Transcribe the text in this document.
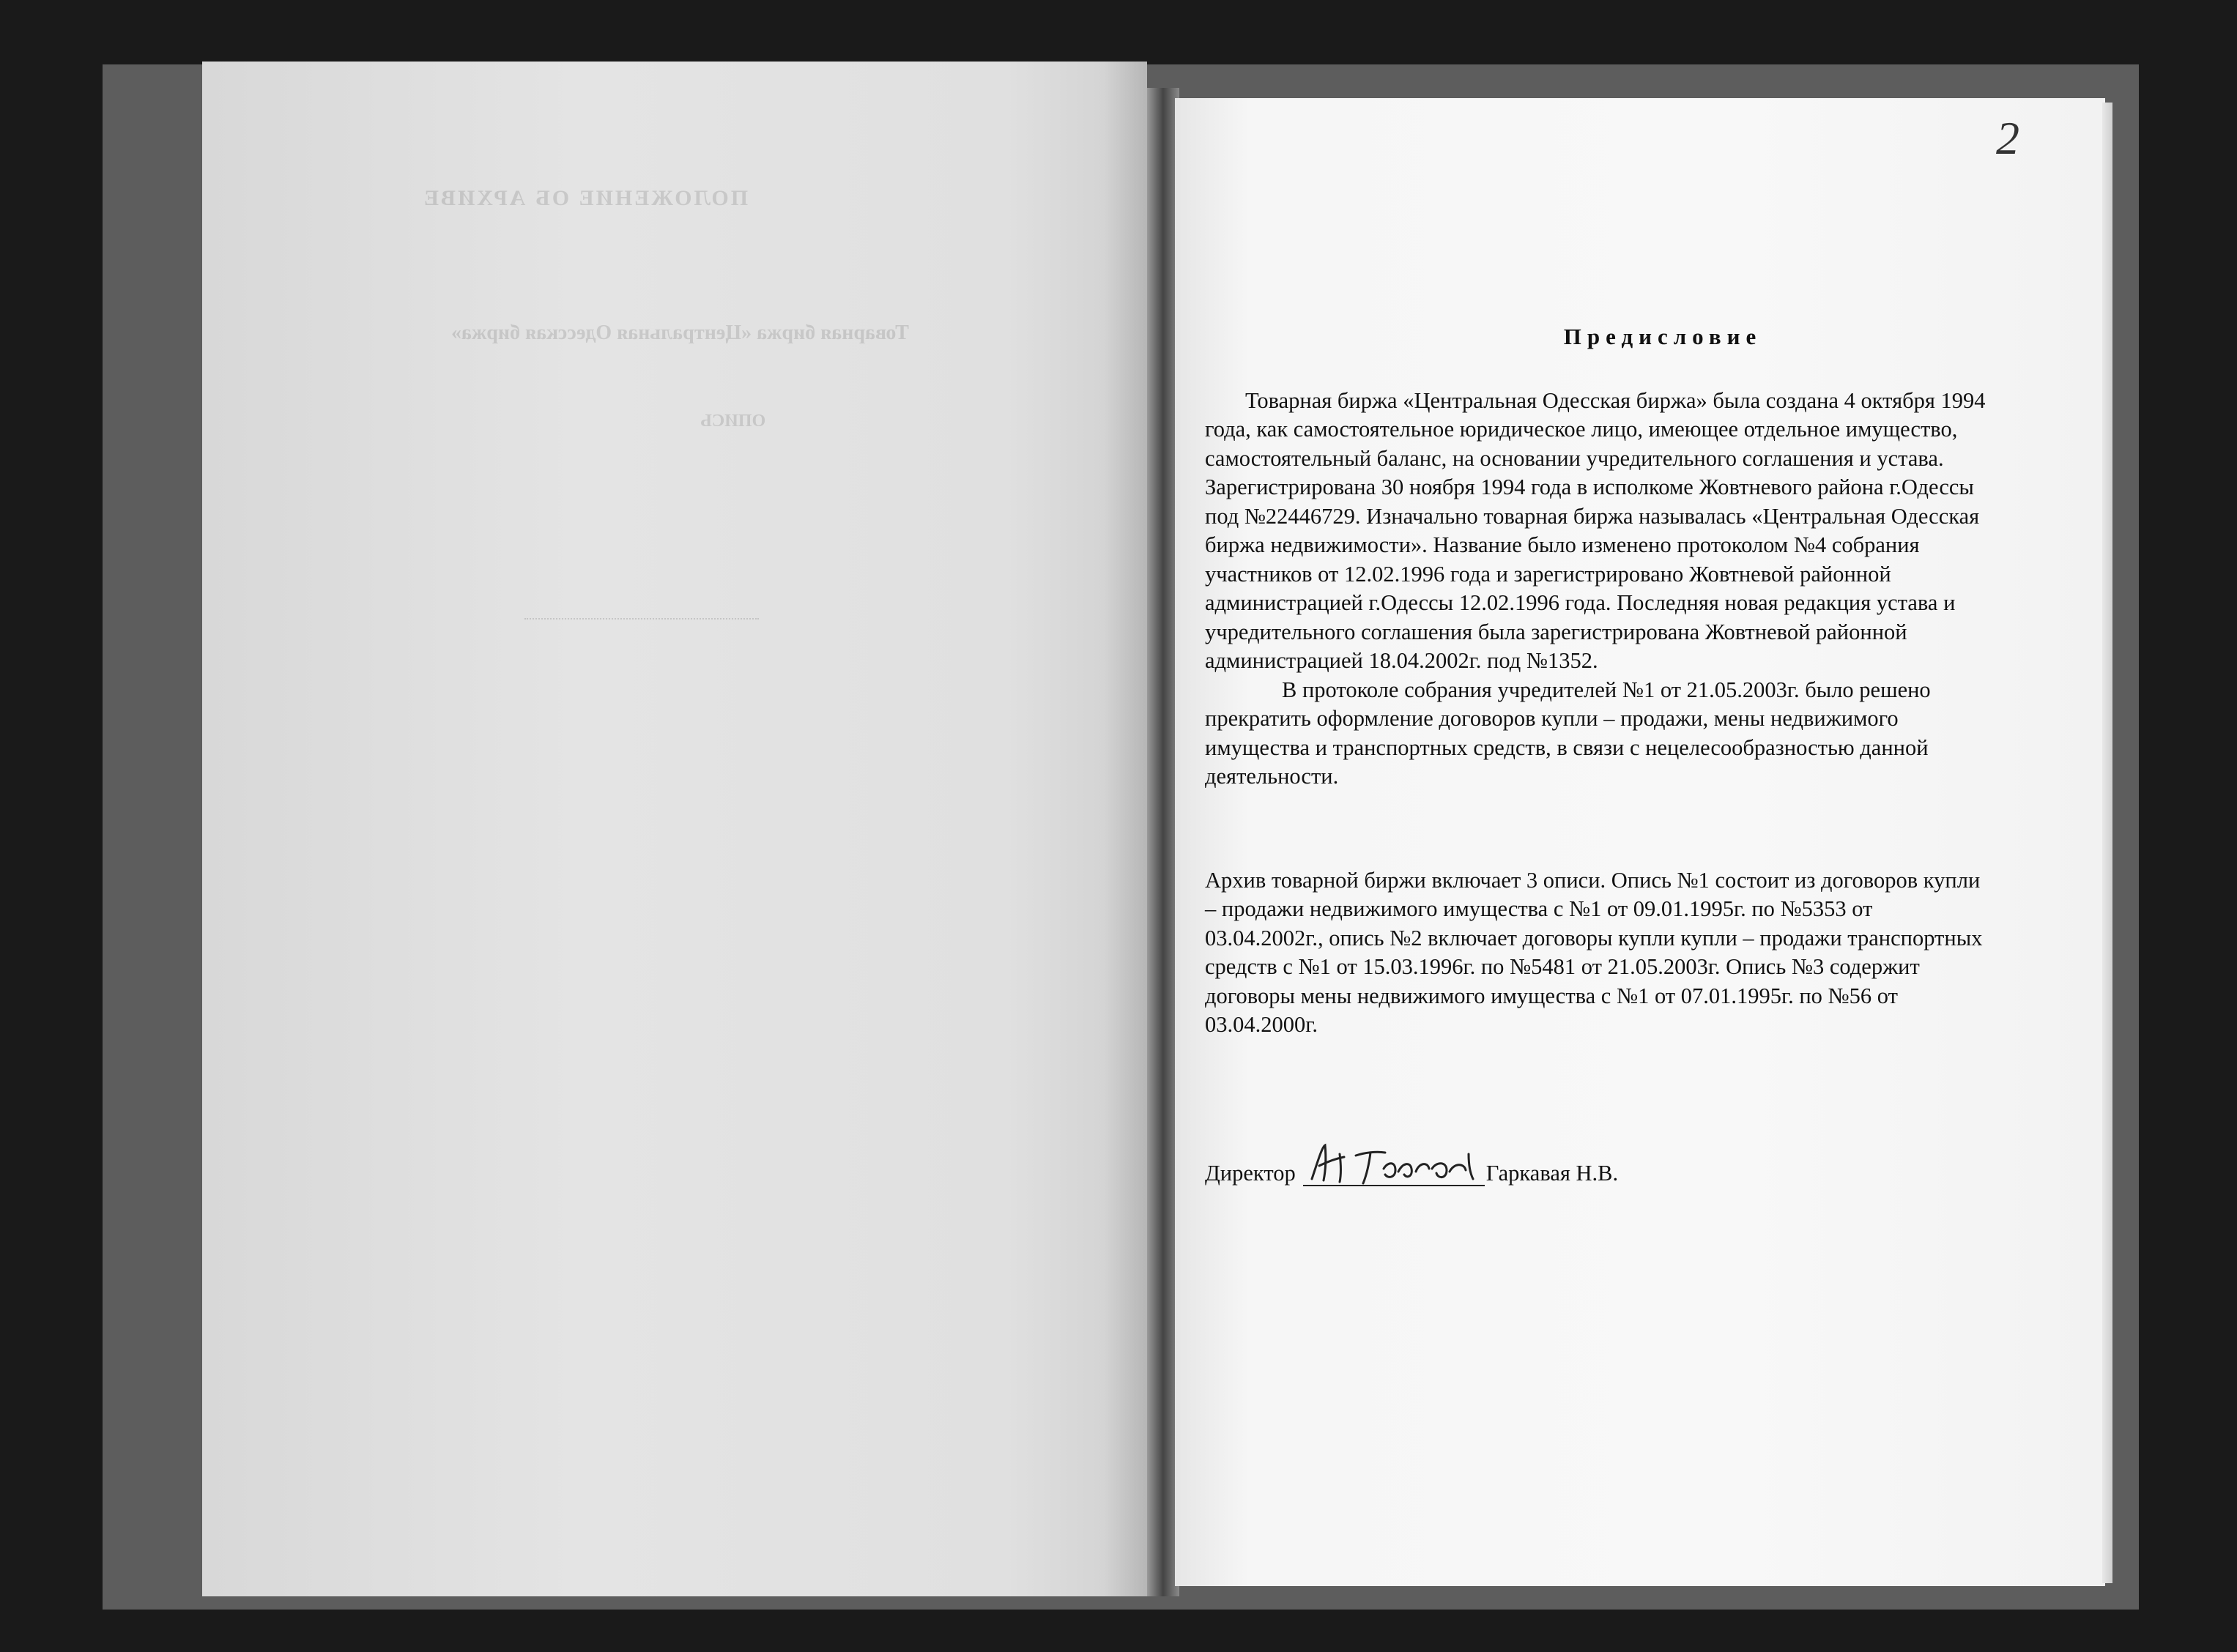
ПОЛОЖЕНИЕ ОБ АРХИВЕ
Товарная биржа «Центральная Одесская биржа»
ОПИСЬ
2
Предисловие

Товарная биржа «Центральная Одесская биржа» была создана 4 октября 1994 года, как самостоятельное юридическое лицо, имеющее отдельное имущество, самостоятельный баланс, на основании учредительного соглашения и устава. Зарегистрирована 30 ноября 1994 года в исполкоме Жовтневого района г.Одессы под №22446729. Изначально товарная биржа называлась «Центральная Одесская биржа недвижимости». Название было изменено протоколом №4 собрания участников от 12.02.1996 года и зарегистрировано Жовтневой районной администрацией г.Одессы 12.02.1996 года. Последняя новая редакция устава и учредительного соглашения была зарегистрирована Жовтневой районной администрацией 18.04.2002г. под №1352.

В протоколе собрания учредителей №1 от 21.05.2003г. было решено прекратить оформление договоров купли – продажи, мены недвижимого имущества и транспортных средств, в связи с нецелесообразностью данной деятельности.

Архив товарной биржи включает 3 описи. Опись №1 состоит из договоров купли – продажи недвижимого имущества с №1 от 09.01.1995г. по №5353 от 03.04.2002г., опись №2 включает договоры купли купли – продажи транспортных средств с №1 от 15.03.1996г. по №5481 от 21.05.2003г. Опись №3 содержит договоры мены недвижимого имущества с №1 от 07.01.1995г. по №56 от 03.04.2000г.

Директор	Гаркавая Н.В.
